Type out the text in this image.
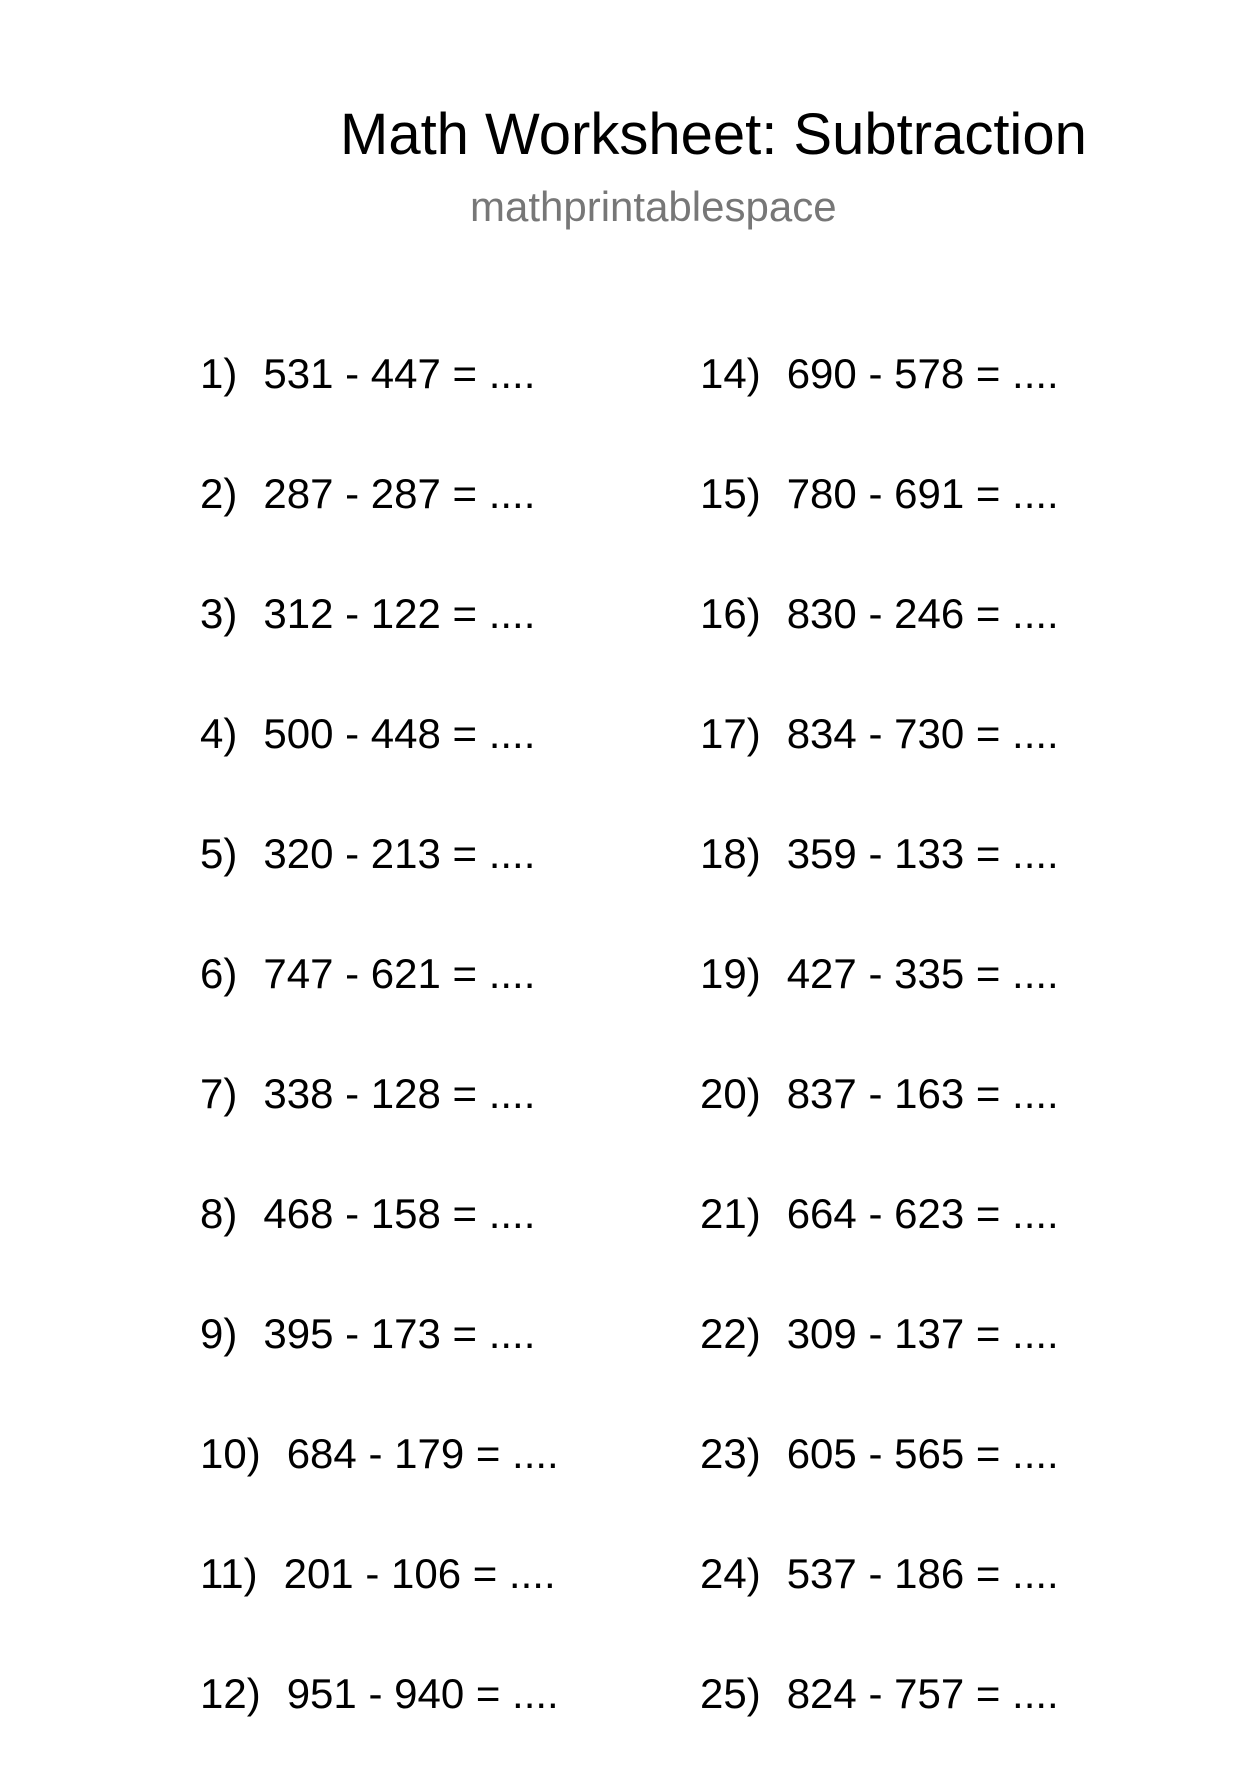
Math Worksheet: Subtraction
mathprintablespace
1) 531 - 447 = ....
2) 287 - 287 = ....
3) 312 - 122 = ....
4) 500 - 448 = ....
5) 320 - 213 = ....
6) 747 - 621 = ....
7) 338 - 128 = ....
8) 468 - 158 = ....
9) 395 - 173 = ....
10) 684 - 179 = ....
11) 201 - 106 = ....
12) 951 - 940 = ....
14) 690 - 578 = ....
15) 780 - 691 = ....
16) 830 - 246 = ....
17) 834 - 730 = ....
18) 359 - 133 = ....
19) 427 - 335 = ....
20) 837 - 163 = ....
21) 664 - 623 = ....
22) 309 - 137 = ....
23) 605 - 565 = ....
24) 537 - 186 = ....
25) 824 - 757 = ....
